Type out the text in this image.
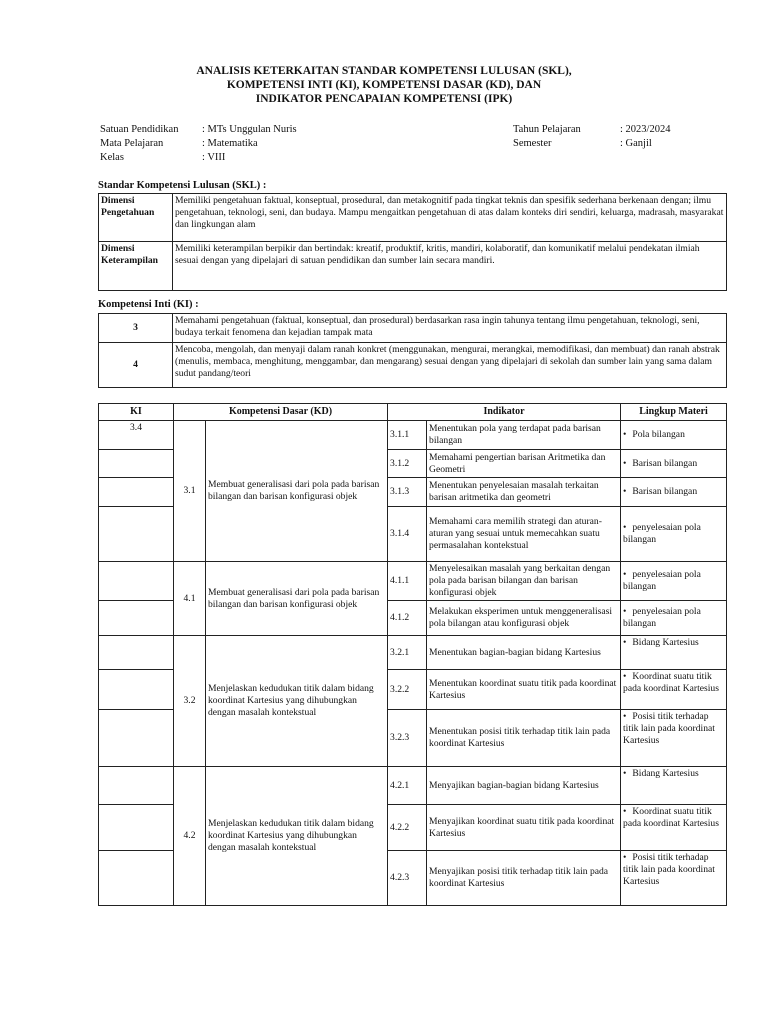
ANALISIS KETERKAITAN STANDAR KOMPETENSI LULUSAN (SKL),
KOMPETENSI INTI (KI), KOMPETENSI DASAR (KD), DAN
INDIKATOR PENCAPAIAN KOMPETENSI (IPK)
Satuan Pendidikan : MTs Unggulan Nuris
Mata Pelajaran	: Matematika
Kelas	: VIII
Tahun Pelajaran	: 2023/2024
Semester	: Ganjil
Standar Kompetensi Lulusan (SKL) :
Dimensi Pengetahuan	Memiliki pengetahuan faktual, konseptual, prosedural, dan metakognitif pada tingkat teknis dan spesifik sederhana berkenaan dengan; ilmu pengetahuan, teknologi, seni, dan budaya. Mampu mengaitkan pengetahuan di atas dalam konteks diri sendiri, keluarga, madrasah, masyarakat dan lingkungan alam
Dimensi Keterampilan	Memiliki keterampilan berpikir dan bertindak: kreatif, produktif, kritis, mandiri, kolaboratif, dan komunikatif melalui pendekatan ilmiah sesuai dengan yang dipelajari di satuan pendidikan dan sumber lain secara mandiri.
Kompetensi Inti (KI) :
3	Memahami pengetahuan (faktual, konseptual, dan prosedural) berdasarkan rasa ingin tahunya tentang ilmu pengetahuan, teknologi, seni, budaya terkait fenomena dan kejadian tampak mata
4	Mencoba, mengolah, dan menyaji dalam ranah konkret (menggunakan, mengurai, merangkai, memodifikasi, dan membuat) dan ranah abstrak (menulis, membaca, menghitung, menggambar, dan mengarang) sesuai dengan yang dipelajari di sekolah dan sumber lain yang sama dalam sudut pandang/teori
KI	Kompetensi Dasar (KD)		Indikator		Lingkup Materi
3.4	3.1	Membuat generalisasi dari pola pada barisan bilangan dan barisan konfigurasi objek	3.1.1	Menentukan pola yang terdapat pada barisan bilangan	• Pola bilangan
			3.1.2	Memahami pengertian barisan Aritmetika dan Geometri	• Barisan bilangan
			3.1.3	Menentukan penyelesaian masalah terkaitan barisan aritmetika dan geometri	• Barisan bilangan
			3.1.4	Memahami cara memilih strategi dan aturan-aturan yang sesuai untuk memecahkan suatu permasalahan kontekstual	• penyelesaian pola bilangan
	4.1	Membuat generalisasi dari pola pada barisan bilangan dan barisan konfigurasi objek	4.1.1	Menyelesaikan masalah yang berkaitan dengan pola pada barisan bilangan dan barisan konfigurasi objek	• penyelesaian pola bilangan
			4.1.2	Melakukan eksperimen untuk menggeneralisasi pola bilangan atau konfigurasi objek	• penyelesaian pola bilangan
	3.2	Menjelaskan kedudukan titik dalam bidang koordinat Kartesius yang dihubungkan dengan masalah kontekstual	3.2.1	Menentukan bagian-bagian bidang Kartesius	• Bidang Kartesius
			3.2.2	Menentukan koordinat suatu titik pada koordinat Kartesius	• Koordinat suatu titik pada koordinat Kartesius
			3.2.3	Menentukan posisi titik terhadap titik lain pada koordinat Kartesius	• Posisi titik terhadap titik lain pada koordinat Kartesius
	4.2	Menjelaskan kedudukan titik dalam bidang koordinat Kartesius yang dihubungkan dengan masalah kontekstual	4.2.1	Menyajikan bagian-bagian bidang Kartesius	• Bidang Kartesius
			4.2.2	Menyajikan koordinat suatu titik pada koordinat Kartesius	• Koordinat suatu titik pada koordinat Kartesius
			4.2.3	Menyajikan posisi titik terhadap titik lain pada koordinat Kartesius	• Posisi titik terhadap titik lain pada koordinat Kartesius
